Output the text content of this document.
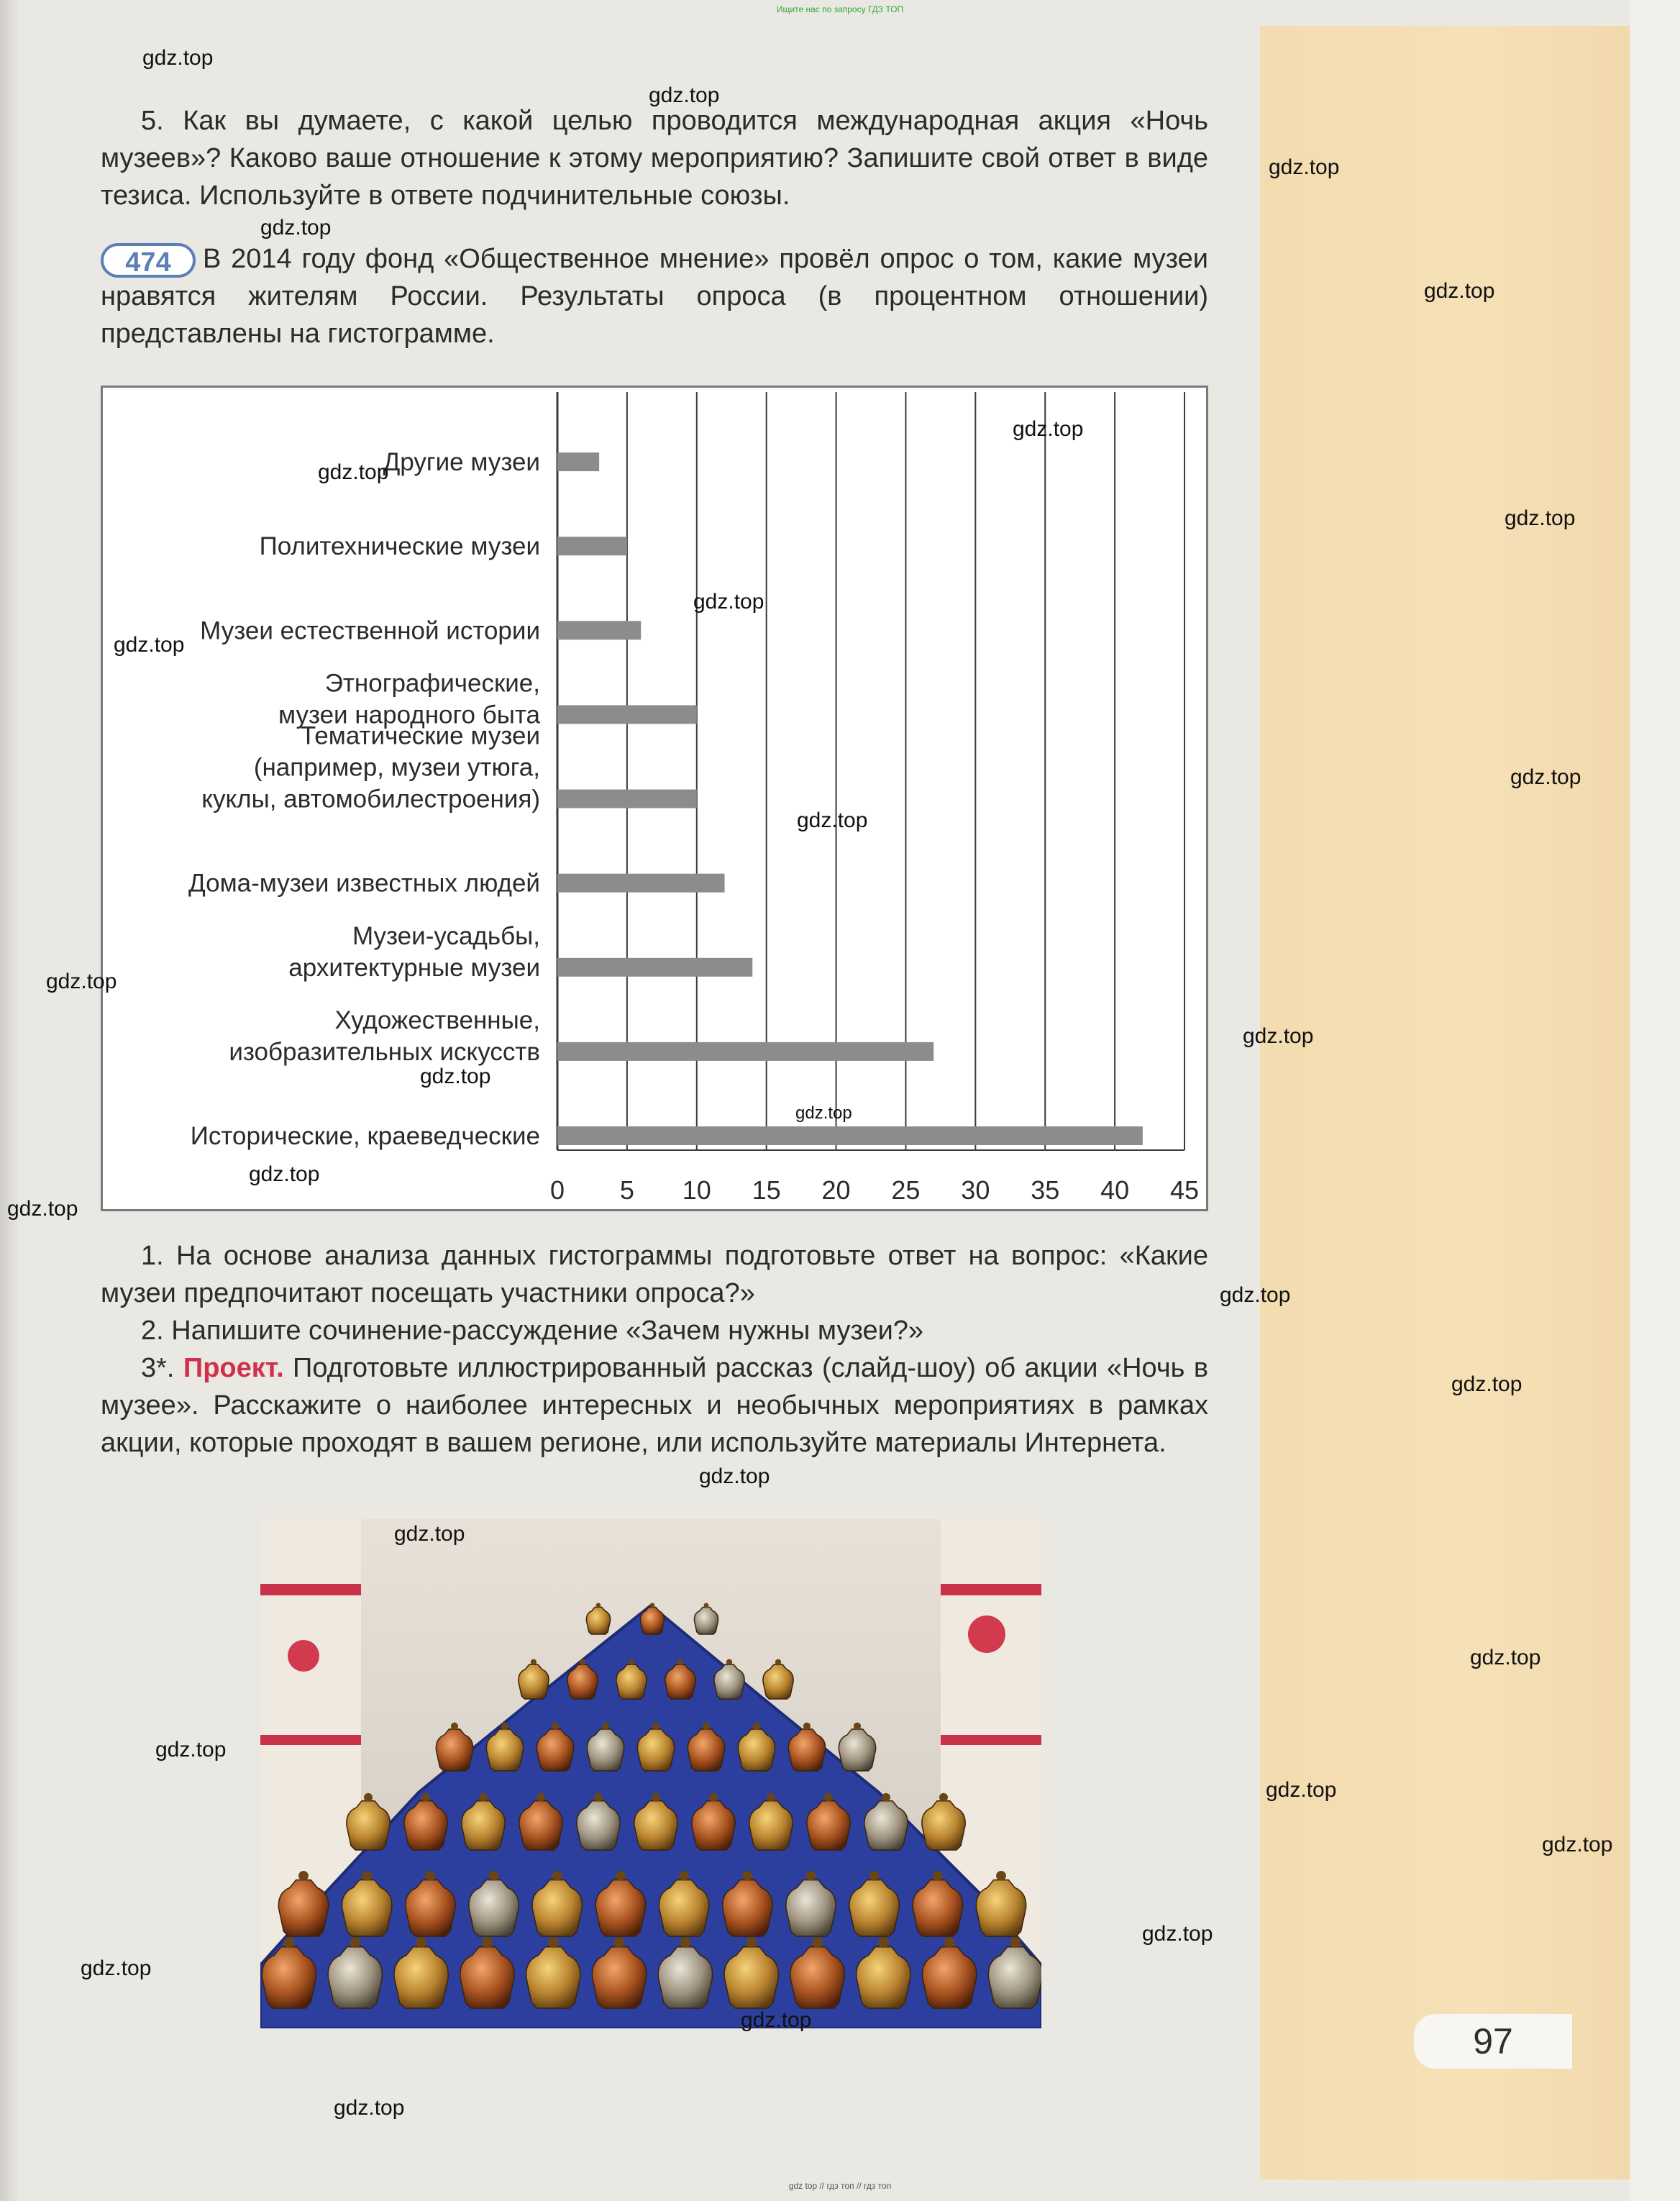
Ищите нас по запросу ГДЗ ТОП
5. Как вы думаете, с какой целью проводится международная акция «Ночь музеев»? Каково ваше отношение к этому мероприятию? Запишите свой ответ в виде тезиса. Используйте в ответе подчинительные союзы.
474 В 2014 году фонд «Общественное мнение» провёл опрос о том, какие музеи нравятся жителям России. Результаты опроса (в процентном отношении) представлены на гистограмме.
0 5 10 15 20 25 30 35 40 45
Другие музеи
Политехнические музеи
Музеи естественной истории
Этнографические,
музеи народного быта
Тематические музеи
(например, музеи утюга,
куклы, автомобилестроения)
Дома-музеи известных людей
Музеи-усадьбы,
архитектурные музеи
Художественные,
изобразительных искусств
Исторические, краеведческие

1. На основе анализа данных гистограммы подготовьте ответ на вопрос: «Какие музеи предпочитают посещать участники опроса?»

2. Напишите сочинение-рассуждение «Зачем нужны музеи?»

3*. Проект. Подготовьте иллюстрированный рассказ (слайд-шоу) об акции «Ночь в музее». Расскажите о наиболее интересных и необычных мероприятиях в рамках акции, которые проходят в вашем регионе, или используйте материалы Интернета.

97
gdz top // гдз топ // гдз топ
gdz.top
gdz.top
gdz.top
gdz.top
gdz.top
gdz.top
gdz.top
gdz.top
gdz.top
gdz.top
gdz.top
gdz.top
gdz.top
gdz.top
gdz.top
gdz.top
gdz.top
gdz.top
gdz.top
gdz.top
gdz.top
gdz.top
gdz.top
gdz.top
gdz.top
gdz.top
gdz.top
gdz.top
gdz.top
gdz.top
